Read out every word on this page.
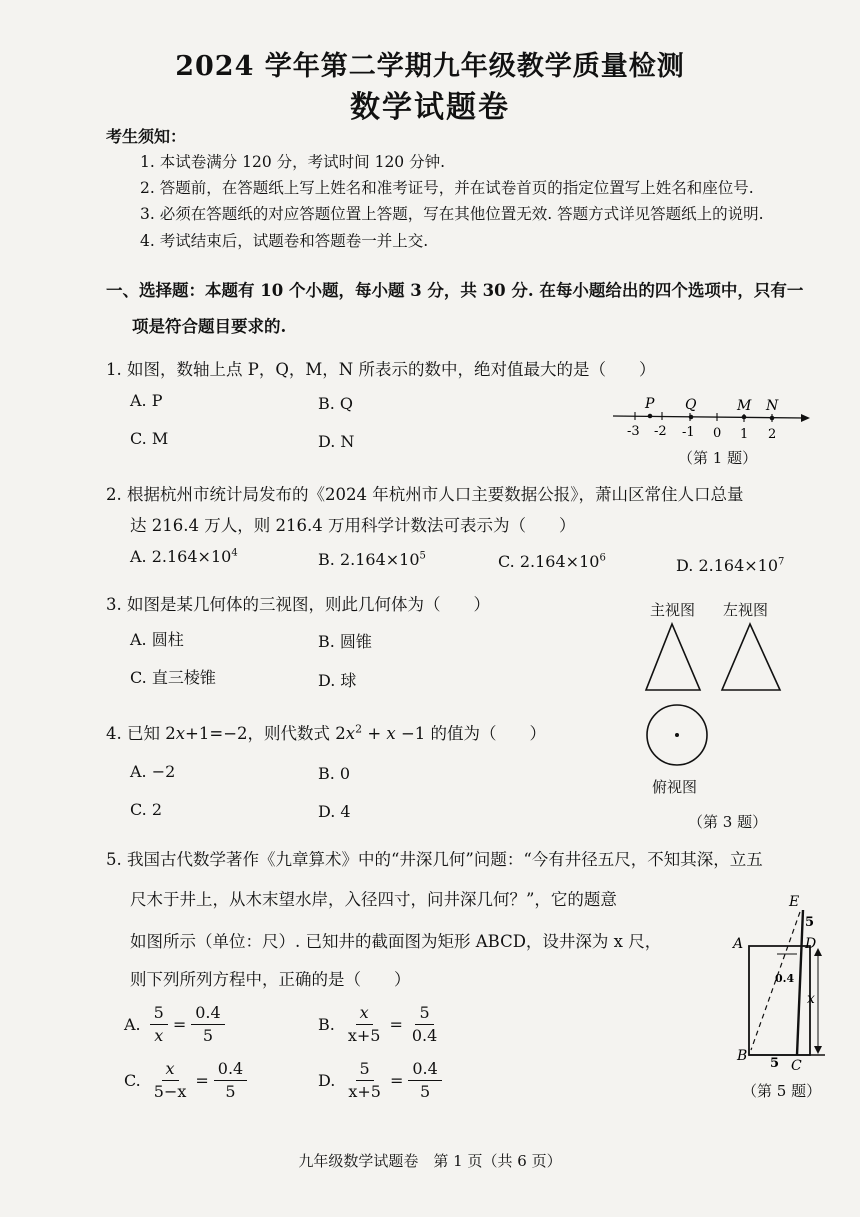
2024 学年第二学期九年级教学质量检测
数学试题卷
考生须知：
1. 本试卷满分 120 分，考试时间 120 分钟.
2. 答题前，在答题纸上写上姓名和准考证号，并在试卷首页的指定位置写上姓名和座位号.
3. 必须在答题纸的对应答题位置上答题，写在其他位置无效. 答题方式详见答题纸上的说明.
4. 考试结束后，试题卷和答题卷一并上交.
一、选择题：本题有 10 个小题，每小题 3 分，共 30 分. 在每小题给出的四个选项中，只有一
项是符合题目要求的.
1. 如图，数轴上点 P，Q，M，N 所表示的数中，绝对值最大的是（　　）
A. P	B. Q
C. M	D. N
P Q	M N
-3 -2 -1 0 1 2
（第 1 题）
2. 根据杭州市统计局发布的《2024 年杭州市人口主要数据公报》，萧山区常住人口总量
达 216.4 万人，则 216.4 万用科学计数法可表示为（　　）
A. $2.164\times 10^4$	B. $2.164\times 10^5$	C. $2.164\times 10^6$	D. $2.164\times 10^7$
3. 如图是某几何体的三视图，则此几何体为（　　）
A. 圆柱	B. 圆锥
C. 直三棱锥	D. 球
主视图 左视图
俯视图
（第 3 题）
4. 已知 2x+1=−2，则代数式 $2x^2 + x -1$ 的值为（　　）
A. −2	B. 0
C. 2	D. 4
5. 我国古代数学著作《九章算术》中的“井深几何”问题：“今有井径五尺，不知其深，立五
尺木于井上，从木末望水岸，入径四寸，问井深几何？”，它的题意
如图所示（单位：尺）. 已知井的截面图为矩形 ABCD，设井深为 x 尺，
则下列所列方程中，正确的是（　　）
A. $\frac{5}{x} = \frac{0.4}{5}$	B. $\frac{x}{x+5} = \frac{5}{0.4}$
C. $\frac{x}{5-x} = \frac{0.4}{5}$	D. $\frac{5}{x+5} = \frac{0.4}{5}$
E
5
A	D
0.4
x
B 5 C
（第 5 题）
九年级数学试题卷　第 1 页（共 6 页）
